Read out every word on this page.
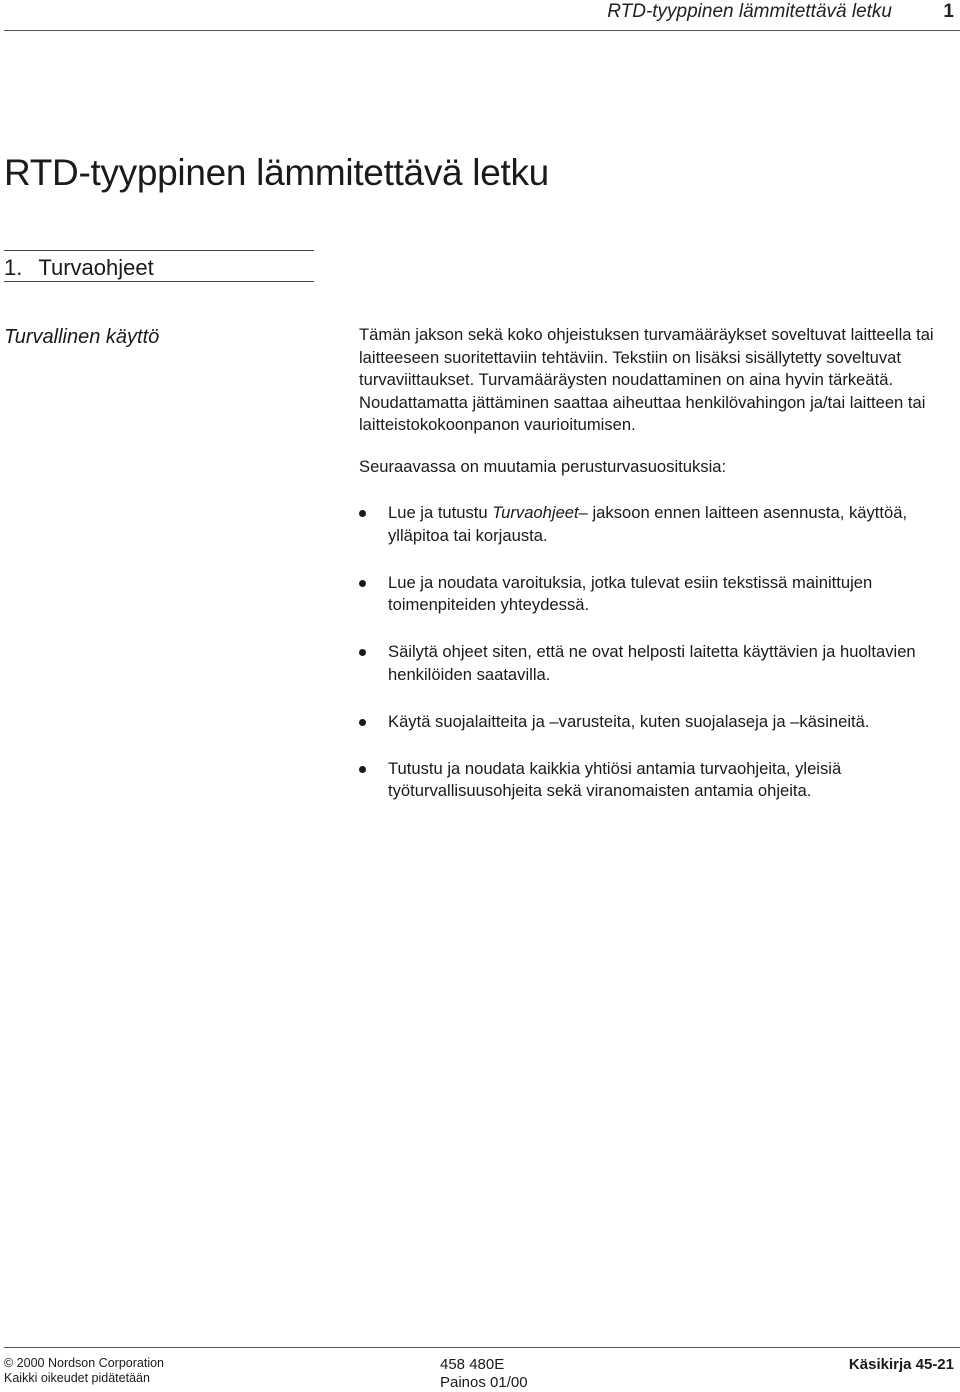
RTD-tyyppinen lämmitettävä letku	1
RTD-tyyppinen lämmitettävä letku
1. Turvaohjeet
Turvallinen käyttö	Tämän jakson sekä koko ohjeistuksen turvamääräykset soveltuvat laitteella tai laitteeseen suoritettaviin tehtäviin. Tekstiin on lisäksi sisällytetty soveltuvat turvaviittaukset. Turvamääräysten noudattaminen on aina hyvin tärkeätä. Noudattamatta jättäminen saattaa aiheuttaa henkilövahingon ja/tai laitteen tai laitteistokokoonpanon vaurioitumisen.
Seuraavassa on muutamia perusturvasuosituksia:
Lue ja tutustu Turvaohjeet– jaksoon ennen laitteen asennusta, käyttöä, ylläpitoa tai korjausta.
Lue ja noudata varoituksia, jotka tulevat esiin tekstissä mainittujen toimenpiteiden yhteydessä.
Säilytä ohjeet siten, että ne ovat helposti laitetta käyttävien ja huoltavien henkilöiden saatavilla.
Käytä suojalaitteita ja –varusteita, kuten suojalaseja ja –käsineitä.
Tutustu ja noudata kaikkia yhtiösi antamia turvaohjeita, yleisiä työturvallisuusohjeita sekä viranomaisten antamia ohjeita.
© 2000 Nordson Corporation
Kaikki oikeudet pidätetään
458 480E
Painos 01/00
Käsikirja 45-21
